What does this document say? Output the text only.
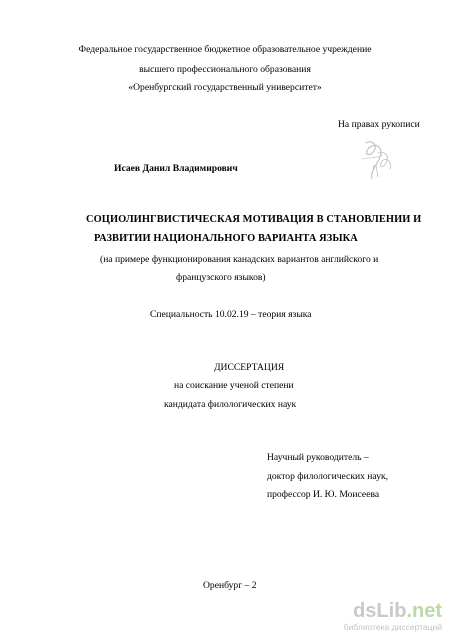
Федеральное государственное бюджетное образовательное учреждение
высшего профессионального образования
«Оренбургский государственный университет»
На правах рукописи
Исаев Данил Владимирович
СОЦИОЛИНГВИСТИЧЕСКАЯ МОТИВАЦИЯ В СТАНОВЛЕНИИ И
РАЗВИТИИ НАЦИОНАЛЬНОГО ВАРИАНТА ЯЗЫКА
(на примере функционирования канадских вариантов английского и
французского языков)
Специальность 10.02.19 – теория языка
ДИССЕРТАЦИЯ
на соискание ученой степени
кандидата филологических наук
Научный руководитель –
доктор филологических наук,
профессор И. Ю. Моисеева
Оренбург – 2
dsLib.net
библиотека диссертаций
